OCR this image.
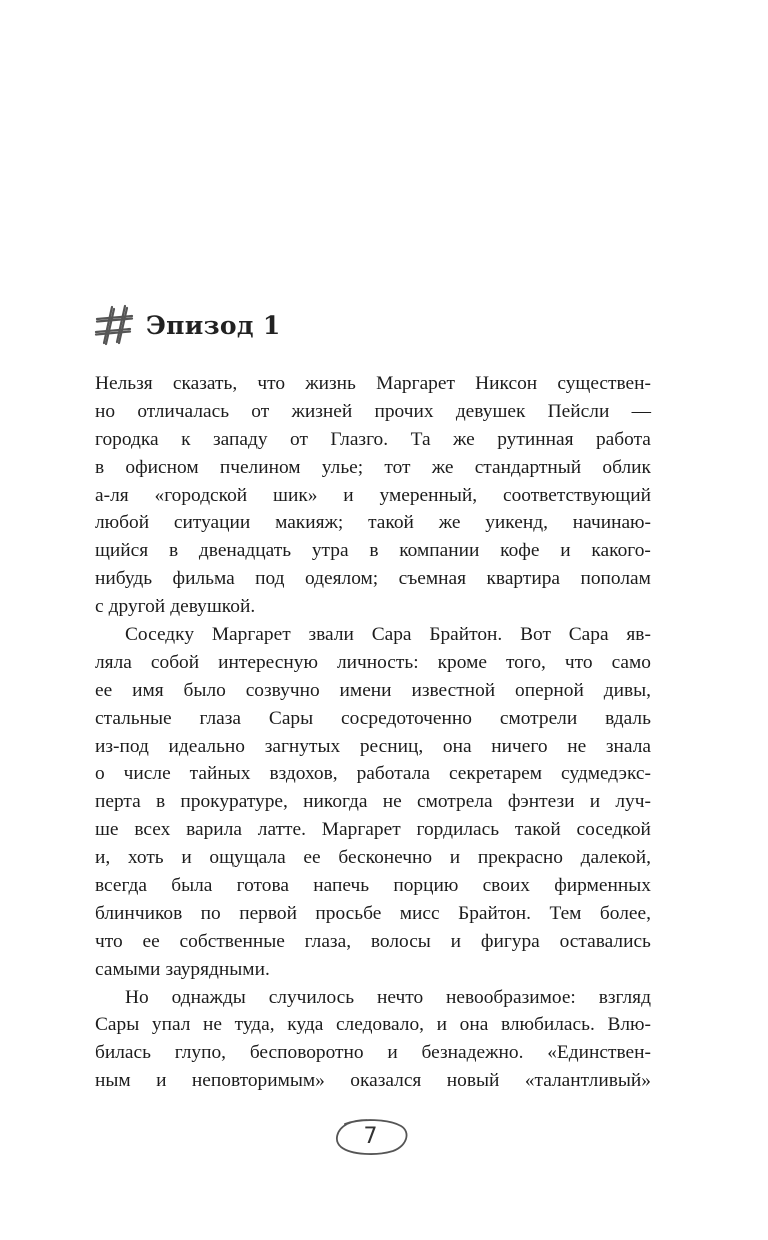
Эпизод 1
Нельзя сказать, что жизнь Маргарет Никсон существен-
но отличалась от жизней прочих девушек Пейсли —
городка к западу от Глазго. Та же рутинная работа
в офисном пчелином улье; тот же стандартный облик
а-ля «городской шик» и умеренный, соответствующий
любой ситуации макияж; такой же уикенд, начинаю-
щийся в двенадцать утра в компании кофе и какого-
нибудь фильма под одеялом; съемная квартира пополам
с другой девушкой.
Соседку Маргарет звали Сара Брайтон. Вот Сара яв-
ляла собой интересную личность: кроме того, что само
ее имя было созвучно имени известной оперной дивы,
стальные глаза Сары сосредоточенно смотрели вдаль
из-под идеально загнутых ресниц, она ничего не знала
о числе тайных вздохов, работала секретарем судмедэкс-
перта в прокуратуре, никогда не смотрела фэнтези и луч-
ше всех варила латте. Маргарет гордилась такой соседкой
и, хоть и ощущала ее бесконечно и прекрасно далекой,
всегда была готова напечь порцию своих фирменных
блинчиков по первой просьбе мисс Брайтон. Тем более,
что ее собственные глаза, волосы и фигура оставались
самыми заурядными.
Но однажды случилось нечто невообразимое: взгляд
Сары упал не туда, куда следовало, и она влюбилась. Влю-
билась глупо, бесповоротно и безнадежно. «Единствен-
ным и неповторимым» оказался новый «талантливый»
7
